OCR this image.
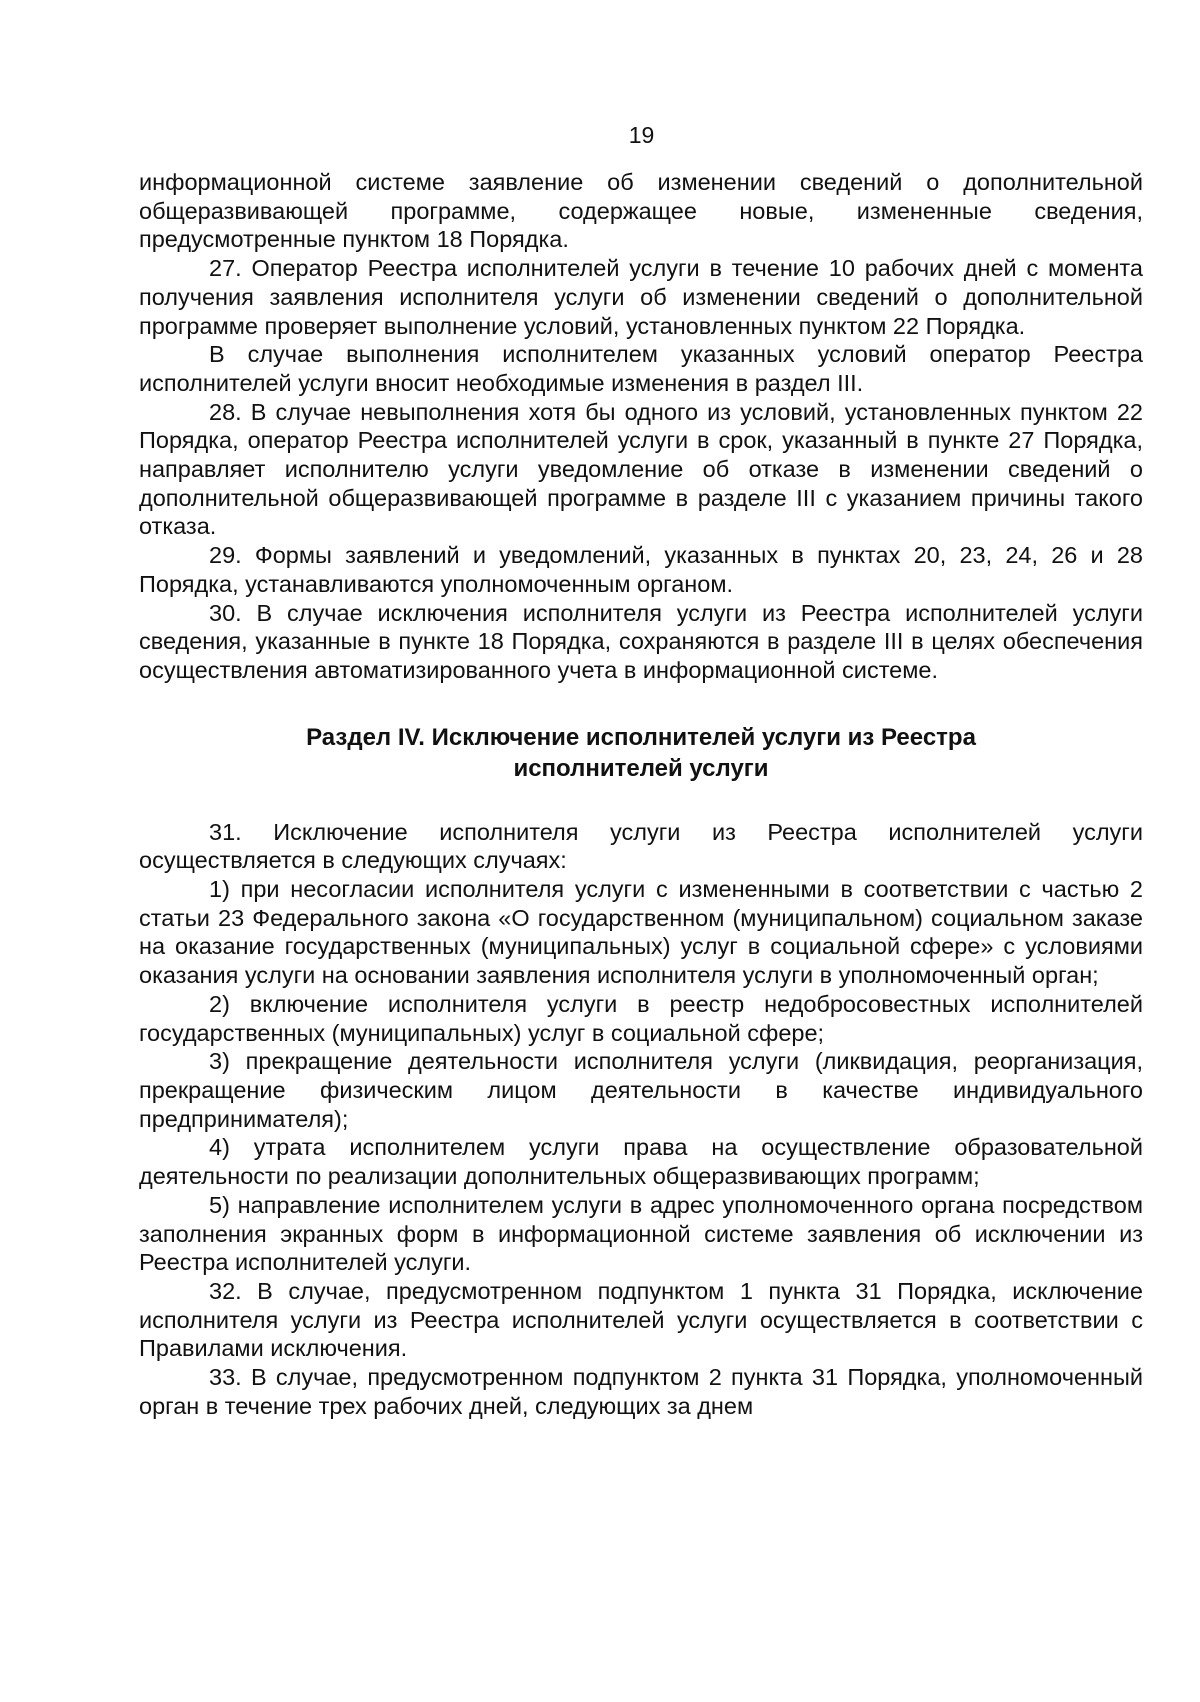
19

информационной системе заявление об изменении сведений о дополнительной общеразвивающей программе, содержащее новые, измененные сведения, предусмотренные пунктом 18 Порядка.

27. Оператор Реестра исполнителей услуги в течение 10 рабочих дней с момента получения заявления исполнителя услуги об изменении сведений о дополнительной программе проверяет выполнение условий, установленных пунктом 22 Порядка.

В случае выполнения исполнителем указанных условий оператор Реестра исполнителей услуги вносит необходимые изменения в раздел III.

28. В случае невыполнения хотя бы одного из условий, установленных пунктом 22 Порядка, оператор Реестра исполнителей услуги в срок, указанный в пункте 27 Порядка, направляет исполнителю услуги уведомление об отказе в изменении сведений о дополнительной общеразвивающей программе в разделе III с указанием причины такого отказа.

29. Формы заявлений и уведомлений, указанных в пунктах 20, 23, 24, 26 и 28 Порядка, устанавливаются уполномоченным органом.

30. В случае исключения исполнителя услуги из Реестра исполнителей услуги сведения, указанные в пункте 18 Порядка, сохраняются в разделе III в целях обеспечения осуществления автоматизированного учета в информационной системе.

Раздел IV. Исключение исполнителей услуги из Реестра
исполнителей услуги

31. Исключение исполнителя услуги из Реестра исполнителей услуги осуществляется в следующих случаях:

1) при несогласии исполнителя услуги с измененными в соответствии с частью 2 статьи 23 Федерального закона «О государственном (муниципальном) социальном заказе на оказание государственных (муниципальных) услуг в социальной сфере» с условиями оказания услуги на основании заявления исполнителя услуги в уполномоченный орган;

2) включение исполнителя услуги в реестр недобросовестных исполнителей государственных (муниципальных) услуг в социальной сфере;

3) прекращение деятельности исполнителя услуги (ликвидация, реорганизация, прекращение физическим лицом деятельности в качестве индивидуального предпринимателя);

4) утрата исполнителем услуги права на осуществление образовательной деятельности по реализации дополнительных общеразвивающих программ;

5) направление исполнителем услуги в адрес уполномоченного органа посредством заполнения экранных форм в информационной системе заявления об исключении из Реестра исполнителей услуги.

32. В случае, предусмотренном подпунктом 1 пункта 31 Порядка, исключение исполнителя услуги из Реестра исполнителей услуги осуществляется в соответствии с Правилами исключения.

33. В случае, предусмотренном подпунктом 2 пункта 31 Порядка, уполномоченный орган в течение трех рабочих дней, следующих за днем
